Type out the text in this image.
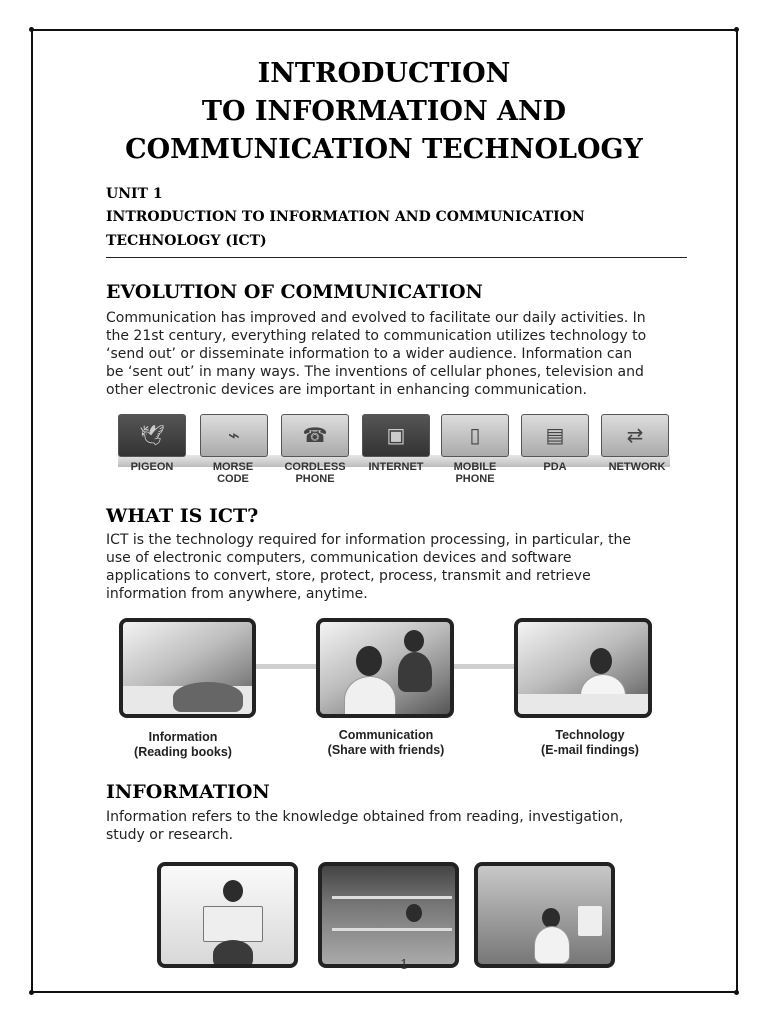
INTRODUCTION
TO INFORMATION AND
COMMUNICATION TECHNOLOGY
UNIT 1
INTRODUCTION TO INFORMATION AND COMMUNICATION
TECHNOLOGY (ICT)
EVOLUTION OF COMMUNICATION
Communication has improved and evolved to facilitate our daily activities. In
the 21st century, everything related to communication utilizes technology to
‘send out’ or disseminate information to a wider audience. Information can
be ‘sent out’ in many ways. The inventions of cellular phones, television and
other electronic devices are important in enhancing communication.
🕊	⌁	☎	▣	▯	▤	⇄
PIGEON	MORSE
CODE
CORDLESS
PHONE
INTERNET	MOBILE
PHONE
PDA	NETWORK
WHAT IS ICT?
ICT is the technology required for information processing, in particular, the
use of electronic computers, communication devices and software
applications to convert, store, protect, process, transmit and retrieve
information from anywhere, anytime.
Information
(Reading books)
Communication
(Share with friends)
Technology
(E-mail findings)
INFORMATION
Information refers to the knowledge obtained from reading, investigation,
study or research.
1
